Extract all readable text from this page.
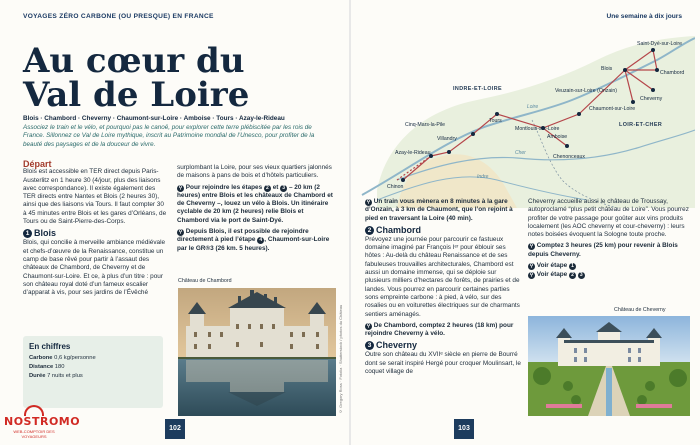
VOYAGES ZÉRO CARBONE (OU PRESQUE) EN FRANCE	Une semaine à dix jours
Au cœur du
Val de Loire
Blois · Chambord · Cheverny · Chaumont-sur-Loire · Amboise · Tours · Azay-le-Rideau
Associez le train et le vélo, et pourquoi pas le canoë, pour explorer cette terre plébiscitée par les rois de France. Sillonnez ce Val de Loire mythique, inscrit au Patrimoine mondial de l’Unesco, pour profiter de la beauté des paysages et de la douceur de vivre.
Départ

Blois est accessible en TER direct depuis Paris-Austerlitz en 1 heure 30 (4/jour, plus des liaisons avec correspondance). Il existe également des TER directs entre Nantes et Blois (2 heures 30), ainsi que des liaisons via Tours. Il faut compter 30 à 45 minutes entre Blois et les gares d’Orléans, de Tours ou de Saint-Pierre-des-Corps.

1 Blois

Blois, qui concilie à merveille ambiance médiévale et chefs-d’œuvre de la Renaissance, constitue un camp de base rêvé pour partir à l’assaut des châteaux de Chambord, de Cheverny et de Chaumont-sur-Loire. Et ce, à plus d’un titre : pour son château royal doté d’un fameux escalier d’apparat à vis, pour ses jardins de l’Évêché

En chiffres
Carbone 0,6 kg/personne
Distance 180
Durée 7 nuits et plus

surplombant la Loire, pour ses vieux quartiers jalonnés de maisons à pans de bois et d’hôtels particuliers.

⚲ Pour rejoindre les étapes 2 et 3 – 20 km (2 heures) entre Blois et les châteaux de Chambord et de Cheverny –, louez un vélo à Blois. Un itinéraire cyclable de 20 km (2 heures) relie Blois et Chambord via le port de Saint-Dyé.

⚲ Depuis Blois, il est possible de rejoindre directement à pied l’étape 4 , Chaumont-sur-Loire par le GR®3 (26 km. 5 heures).

Château de Chambord
© Gregory Ross · Fotolia · Shutterstock / photos du Château
102
NOSTROMO
WEB-COMPTOIR DES VOYAGEURS
Blois
Saint-Dyé-sur-Loire
Chambord
Veuzain-sur-Loire (Onzain)
Chaumont-sur-Loire
Cheverny
Amboise
Tours
Montlouis-sur-Loire
Cinq-Mars-la-Pile
Villandry
Azay-le-Rideau
Chenonceaux
Chinon
INDRE-ET-LOIRE
LOIR-ET-CHER
Indre
Loire
Cher

⚲ Un train vous mènera en 8 minutes à la gare d’Onzain, à 3 km de Chaumont, que l’on rejoint à pied en traversant la Loire (40 min).

2 Chambord

Prévoyez une journée pour parcourir ce fastueux domaine imaginé par François Iᵉʳ pour éblouir ses hôtes : Au-delà du château Renaissance et de ses fabuleuses trouvailles architecturales, Chambord est aussi un domaine immense, qui se déploie sur plusieurs milliers d’hectares de forêts, de prairies et de landes. Vous pourrez en parcourir certaines parties sons empreinte carbone : à pied, à vélo, sur des rosalies ou en voiturettes électriques sur de charmants sentiers aménagés.

⚲ De Chambord, comptez 2 heures (18 km) pour rejoindre Cheverny à vélo.

3 Cheverny

Outre son château du XVIIᵉ siècle en pierre de Bourré dont se serait inspiré Hergé pour croquer Moulinsart, le coquet village de

Cheverny accueille aussi le château de Troussay, autoproclamé “plus petit château de Loire”. Vous pourrez profiter de votre passage pour goûter aux vins produits localement (les AOC cheverny et cour-cheverny) : leurs notes boisées évoquent la Sologne toute proche.

⚲ Comptez 3 heures (25 km) pour revenir à Blois depuis Cheverny.

⚲ Voir étape 1

⚲ Voir étape 2 3

Château de Cheverny
103
